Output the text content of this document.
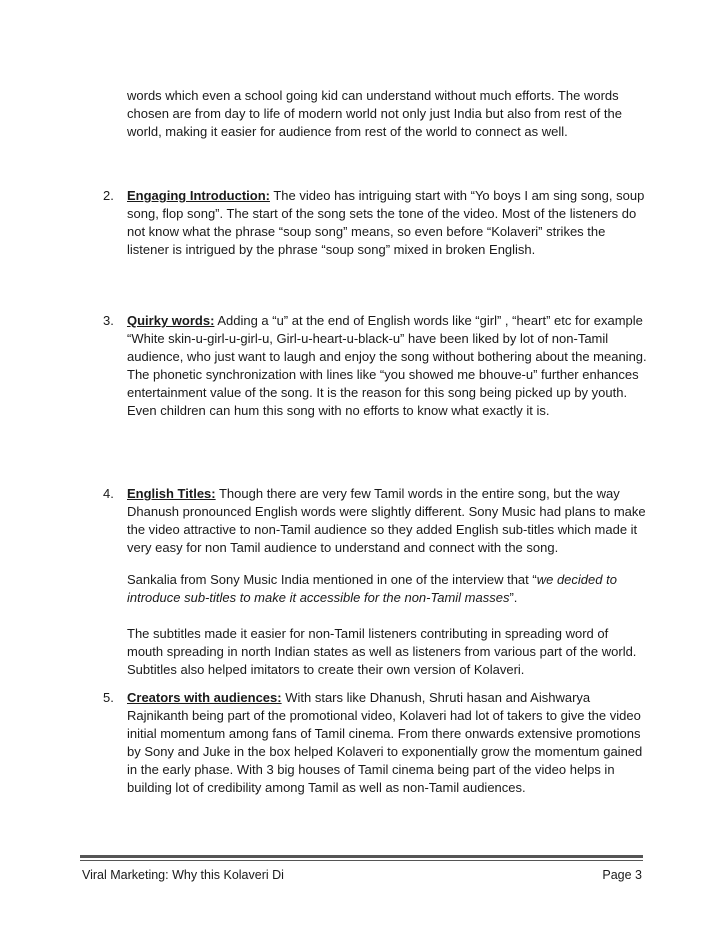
words which even a school going kid can understand without much efforts. The words chosen are from day to life of modern world not only just India but also from rest of the world, making it easier for audience from rest of the world to connect as well.

2.	Engaging Introduction: The video has intriguing start with “Yo boys I am sing song, soup song, flop song”. The start of the song sets the tone of the video. Most of the listeners do not know what the phrase “soup song” means, so even before “Kolaveri” strikes the listener is intrigued by the phrase “soup song” mixed in broken English.

3.	Quirky words: Adding a “u” at the end of English words like “girl” , “heart” etc for example “White skin-u-girl-u-girl-u, Girl-u-heart-u-black-u” have been liked by lot of non-Tamil audience, who just want to laugh and enjoy the song without bothering about the meaning. The phonetic synchronization with lines like “you showed me bhouve-u” further enhances entertainment value of the song. It is the reason for this song being picked up by youth. Even children can hum this song with no efforts to know what exactly it is.

4.	English Titles: Though there are very few Tamil words in the entire song, but the way Dhanush pronounced English words were slightly different. Sony Music had plans to make the video attractive to non-Tamil audience so they added English sub-titles which made it very easy for non Tamil audience to understand and connect with the song.

Sankalia from Sony Music India mentioned in one of the interview that “we decided to introduce sub-titles to make it accessible for the non-Tamil masses”.

The subtitles made it easier for non-Tamil listeners contributing in spreading word of mouth spreading in north Indian states as well as listeners from various part of the world. Subtitles also helped imitators to create their own version of Kolaveri.

5.	Creators with audiences: With stars like Dhanush, Shruti hasan and Aishwarya Rajnikanth being part of the promotional video, Kolaveri had lot of takers to give the video initial momentum among fans of Tamil cinema. From there onwards extensive promotions by Sony and Juke in the box helped Kolaveri to exponentially grow the momentum gained in the early phase. With 3 big houses of Tamil cinema being part of the video helps in building lot of credibility among Tamil as well as non-Tamil audiences.

Viral Marketing: Why this Kolaveri Di	Page 3
